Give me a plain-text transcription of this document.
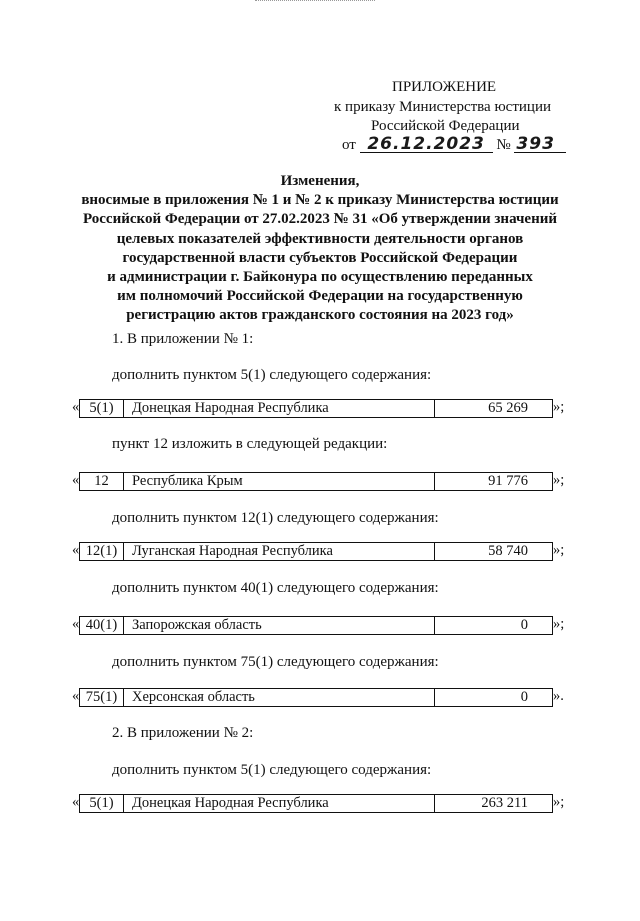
ПРИЛОЖЕНИЕ
к приказу Министерства юстиции
Российской Федерации
от 26.12.2023 № 393
Изменения,
вносимые в приложения № 1 и № 2 к приказу Министерства юстиции
Российской Федерации от 27.02.2023 № 31 «Об утверждении значений
целевых показателей эффективности деятельности органов
государственной власти субъектов Российской Федерации
и администрации г. Байконура по осуществлению переданных
им полномочий Российской Федерации на государственную
регистрацию актов гражданского состояния на 2023 год»
1. В приложении № 1:
дополнить пунктом 5(1) следующего содержания:
« 5(1)	Донецкая Народная Республика	65 269	»;
пункт 12 изложить в следующей редакции:
«	12	Республика Крым	91 776	»;
дополнить пунктом 12(1) следующего содержания:
« 12(1)	Луганская Народная Республика	58 740	»;
дополнить пунктом 40(1) следующего содержания:
« 40(1)	Запорожская область	0	»;
дополнить пунктом 75(1) следующего содержания:
« 75(1)	Херсонская область	0	».
2. В приложении № 2:
дополнить пунктом 5(1) следующего содержания:
« 5(1)	Донецкая Народная Республика	263 211	»;
